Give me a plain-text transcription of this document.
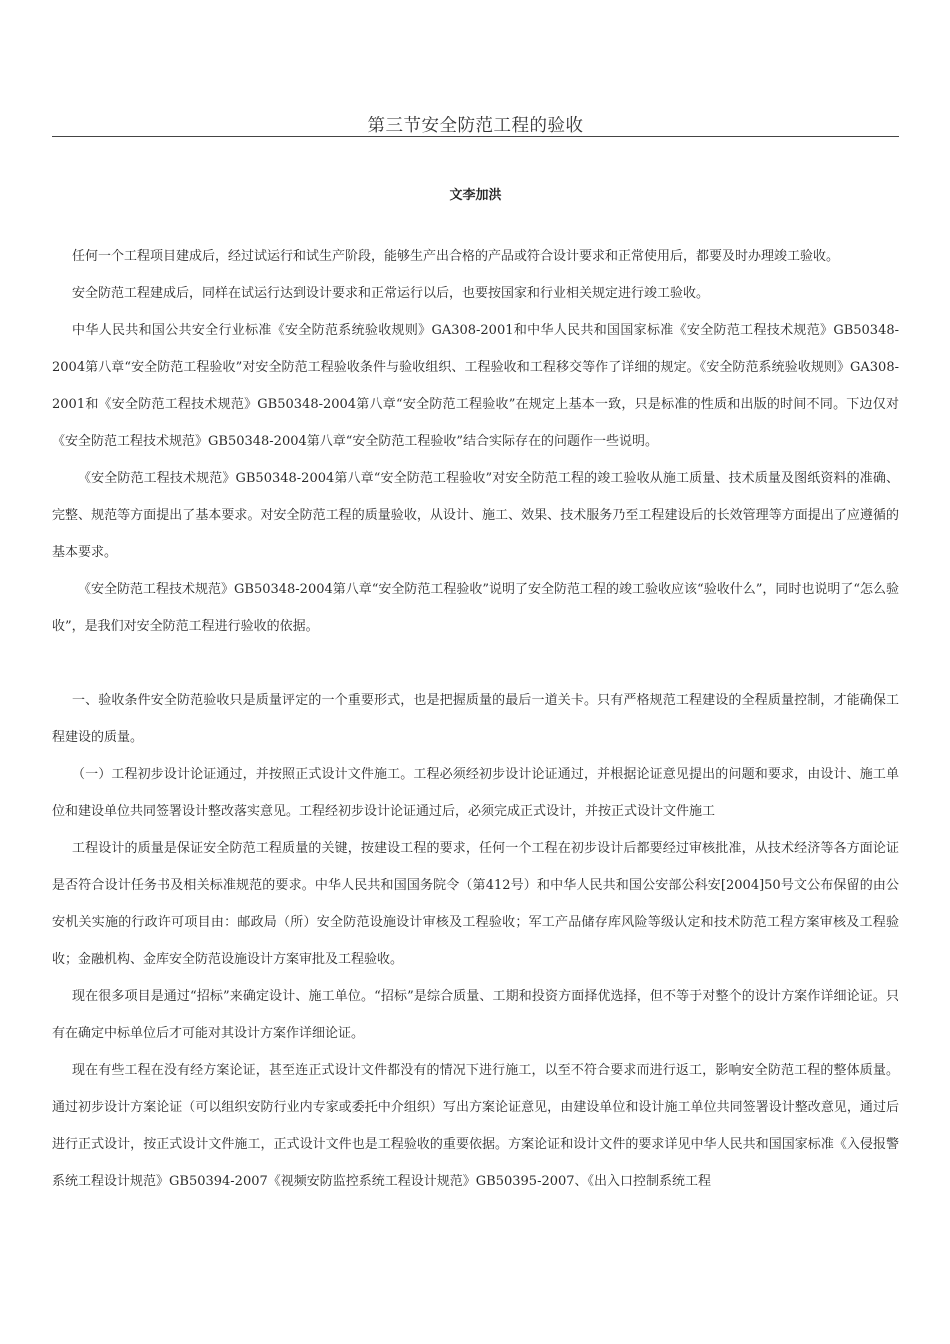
第三节安全防范工程的验收
文李加洪

任何一个工程项目建成后，经过试运行和试生产阶段，能够生产出合格的产品或符合设计要求和正常使用后，都要及时办理竣工验收。

安全防范工程建成后，同样在试运行达到设计要求和正常运行以后，也要按国家和行业相关规定进行竣工验收。

中华人民共和国公共安全行业标准《安全防范系统验收规则》GA308-2001和中华人民共和国国家标准《安全防范工程技术规范》GB50348-2004第八章“安全防范工程验收”对安全防范工程验收条件与验收组织、工程验收和工程移交等作了详细的规定。《安全防范系统验收规则》GA308-2001和《安全防范工程技术规范》GB50348-2004第八章“安全防范工程验收”在规定上基本一致，只是标准的性质和出版的时间不同。下边仅对《安全防范工程技术规范》GB50348-2004第八章“安全防范工程验收”结合实际存在的问题作一些说明。

《安全防范工程技术规范》GB50348-2004第八章“安全防范工程验收”对安全防范工程的竣工验收从施工质量、技术质量及图纸资料的准确、完整、规范等方面提出了基本要求。对安全防范工程的质量验收，从设计、施工、效果、技术服务乃至工程建设后的长效管理等方面提出了应遵循的基本要求。

《安全防范工程技术规范》GB50348-2004第八章“安全防范工程验收”说明了安全防范工程的竣工验收应该“验收什么”，同时也说明了“怎么验收”，是我们对安全防范工程进行验收的依据。

一、验收条件安全防范验收只是质量评定的一个重要形式，也是把握质量的最后一道关卡。只有严格规范工程建设的全程质量控制，才能确保工程建设的质量。

（一）工程初步设计论证通过，并按照正式设计文件施工。工程必须经初步设计论证通过，并根据论证意见提出的问题和要求，由设计、施工单位和建设单位共同签署设计整改落实意见。工程经初步设计论证通过后，必须完成正式设计，并按正式设计文件施工

工程设计的质量是保证安全防范工程质量的关键，按建设工程的要求，任何一个工程在初步设计后都要经过审核批准，从技术经济等各方面论证是否符合设计任务书及相关标准规范的要求。中华人民共和国国务院令（第412号）和中华人民共和国公安部公科安[2004]50号文公布保留的由公安机关实施的行政许可项目由：邮政局（所）安全防范设施设计审核及工程验收；军工产品储存库风险等级认定和技术防范工程方案审核及工程验收；金融机构、金库安全防范设施设计方案审批及工程验收。

现在很多项目是通过“招标”来确定设计、施工单位。“招标”是综合质量、工期和投资方面择优选择，但不等于对整个的设计方案作详细论证。只有在确定中标单位后才可能对其设计方案作详细论证。

现在有些工程在没有经方案论证，甚至连正式设计文件都没有的情况下进行施工，以至不符合要求而进行返工，影响安全防范工程的整体质量。通过初步设计方案论证（可以组织安防行业内专家或委托中介组织）写出方案论证意见，由建设单位和设计施工单位共同签署设计整改意见，通过后进行正式设计，按正式设计文件施工，正式设计文件也是工程验收的重要依据。方案论证和设计文件的要求详见中华人民共和国国家标准《入侵报警系统工程设计规范》GB50394-2007《视频安防监控系统工程设计规范》GB50395-2007、《出入口控制系统工程
